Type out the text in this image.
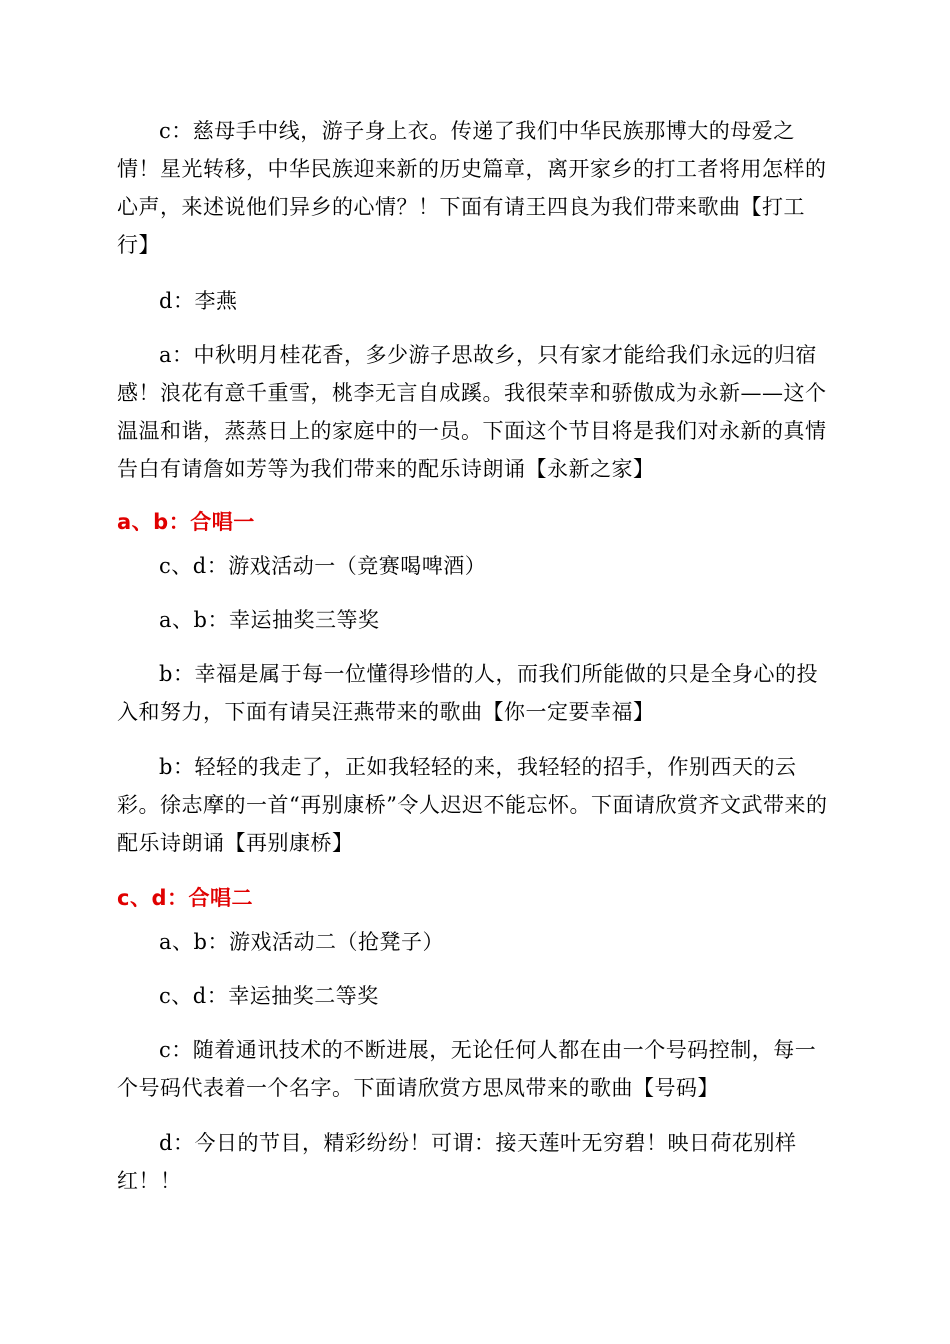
c：慈母手中线，游子身上衣。传递了我们中华民族那博大的母爱之情！星光转移，中华民族迎来新的历史篇章，离开家乡的打工者将用怎样的心声，来述说他们异乡的心情？！下面有请王四良为我们带来歌曲【打工行】

d：李燕

a：中秋明月桂花香，多少游子思故乡，只有家才能给我们永远的归宿感！浪花有意千重雪，桃李无言自成蹊。我很荣幸和骄傲成为永新——这个温温和谐，蒸蒸日上的家庭中的一员。下面这个节目将是我们对永新的真情告白有请詹如芳等为我们带来的配乐诗朗诵【永新之家】

a、b：合唱一

c、d：游戏活动一（竞赛喝啤酒）

a、b：幸运抽奖三等奖

b：幸福是属于每一位懂得珍惜的人，而我们所能做的只是全身心的投入和努力，下面有请吴汪燕带来的歌曲【你一定要幸福】

b：轻轻的我走了，正如我轻轻的来，我轻轻的招手，作别西天的云彩。徐志摩的一首“再别康桥”令人迟迟不能忘怀。下面请欣赏齐文武带来的配乐诗朗诵【再别康桥】

c、d：合唱二

a、b：游戏活动二（抢凳子）

c、d：幸运抽奖二等奖

c：随着通讯技术的不断进展，无论任何人都在由一个号码控制，每一个号码代表着一个名字。下面请欣赏方思凤带来的歌曲【号码】

d：今日的节目，精彩纷纷！可谓：接天莲叶无穷碧！映日荷花别样红！！
